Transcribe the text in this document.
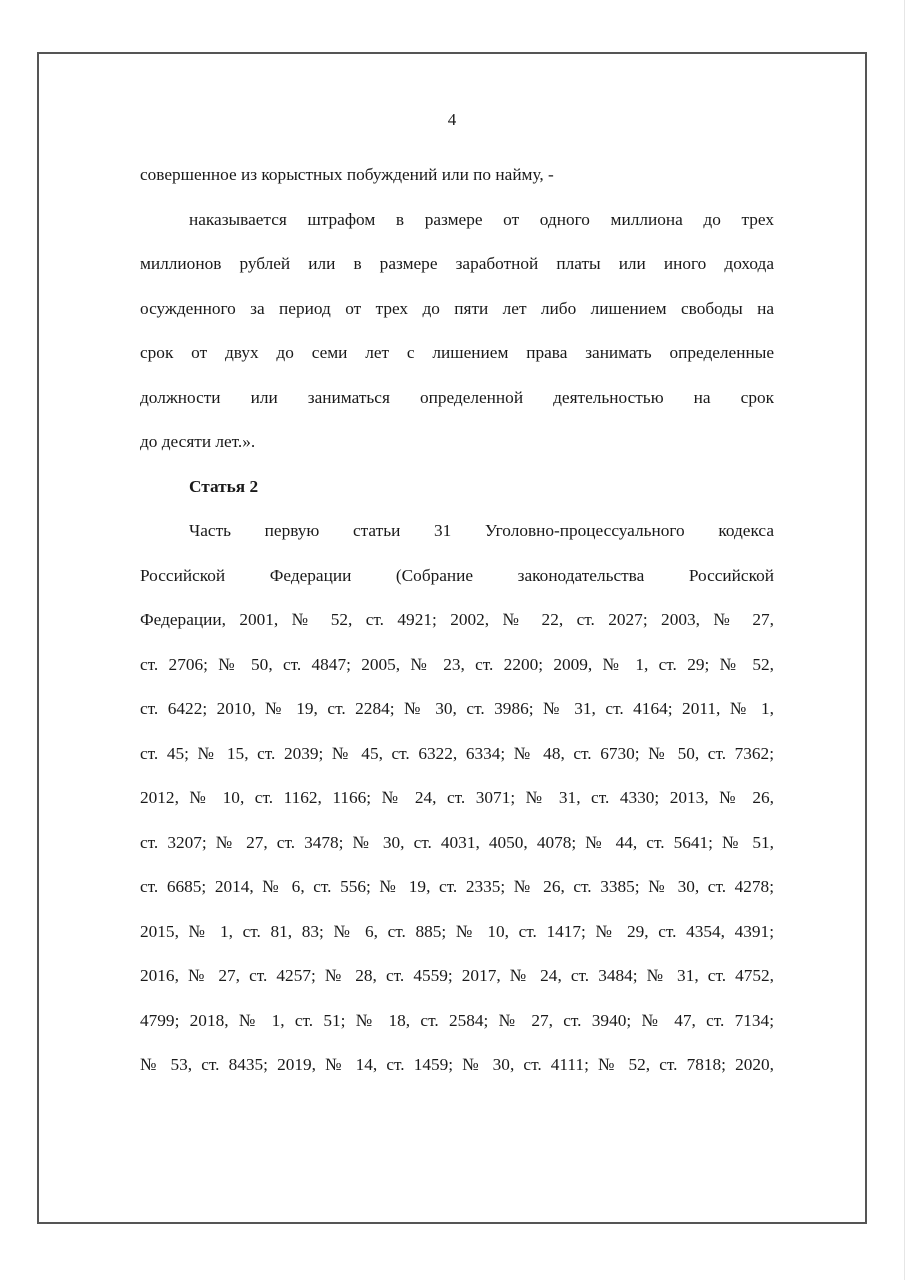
4
совершенное из корыстных побуждений или по найму, -
наказывается штрафом в размере от одного миллиона до трех
миллионов рублей или в размере заработной платы или иного дохода
осужденного за период от трех до пяти лет либо лишением свободы на
срок от двух до семи лет с лишением права занимать определенные
должности или заниматься определенной деятельностью на срок
до десяти лет.».
Статья 2
Часть первую статьи 31 Уголовно-процессуального кодекса
Российской Федерации (Собрание законодательства Российской
Федерации, 2001, № 52, ст. 4921; 2002, № 22, ст. 2027; 2003, № 27,
ст. 2706; № 50, ст. 4847; 2005, № 23, ст. 2200; 2009, № 1, ст. 29; № 52,
ст. 6422; 2010, № 19, ст. 2284; № 30, ст. 3986; № 31, ст. 4164; 2011, № 1,
ст. 45; № 15, ст. 2039; № 45, ст. 6322, 6334; № 48, ст. 6730; № 50, ст. 7362;
2012, № 10, ст. 1162, 1166; № 24, ст. 3071; № 31, ст. 4330; 2013, № 26,
ст. 3207; № 27, ст. 3478; № 30, ст. 4031, 4050, 4078; № 44, ст. 5641; № 51,
ст. 6685; 2014, № 6, ст. 556; № 19, ст. 2335; № 26, ст. 3385; № 30, ст. 4278;
2015, № 1, ст. 81, 83; № 6, ст. 885; № 10, ст. 1417; № 29, ст. 4354, 4391;
2016, № 27, ст. 4257; № 28, ст. 4559; 2017, № 24, ст. 3484; № 31, ст. 4752,
4799; 2018, № 1, ст. 51; № 18, ст. 2584; № 27, ст. 3940; № 47, ст. 7134;
№ 53, ст. 8435; 2019, № 14, ст. 1459; № 30, ст. 4111; № 52, ст. 7818; 2020,
